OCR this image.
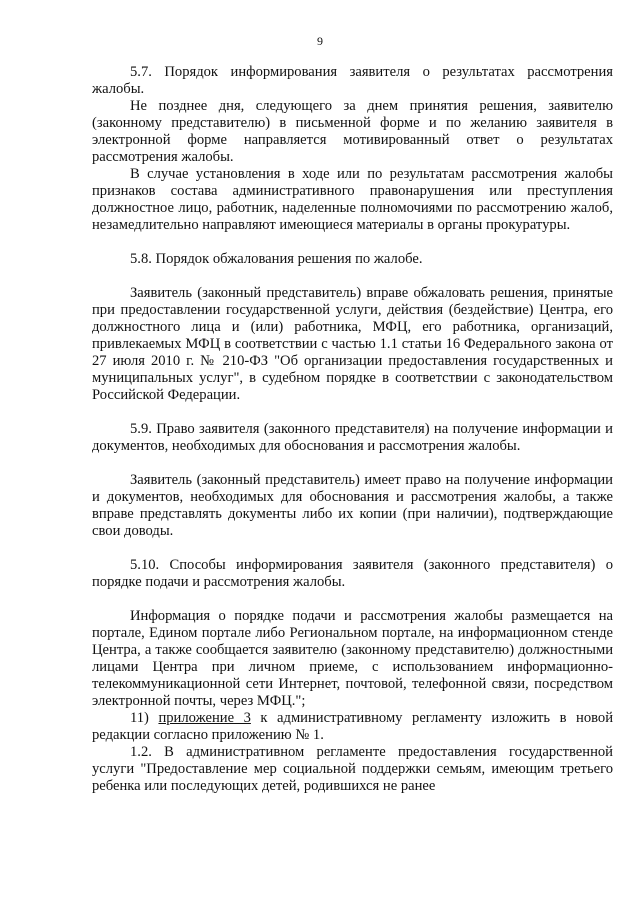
9

5.7. Порядок информирования заявителя о результатах рассмотрения жалобы.

Не позднее дня, следующего за днем принятия решения, заявителю (законному представителю) в письменной форме и по желанию заявителя в электронной форме направляется мотивированный ответ о результатах рассмотрения жалобы.

В случае установления в ходе или по результатам рассмотрения жалобы признаков состава административного правонарушения или преступления должностное лицо, работник, наделенные полномочиями по рассмотрению жалоб, незамедлительно направляют имеющиеся материалы в органы прокуратуры.

5.8. Порядок обжалования решения по жалобе.

Заявитель (законный представитель) вправе обжаловать решения, принятые при предоставлении государственной услуги, действия (бездействие) Центра, его должностного лица и (или) работника, МФЦ, его работника, организаций, привлекаемых МФЦ в соответствии с частью 1.1 статьи 16 Федерального закона от 27 июля 2010 г. № 210-ФЗ "Об организации предоставления государственных и муниципальных услуг", в судебном порядке в соответствии с законодательством Российской Федерации.

5.9. Право заявителя (законного представителя) на получение информации и документов, необходимых для обоснования и рассмотрения жалобы.

Заявитель (законный представитель) имеет право на получение информации и документов, необходимых для обоснования и рассмотрения жалобы, а также вправе представлять документы либо их копии (при наличии), подтверждающие свои доводы.

5.10. Способы информирования заявителя (законного представителя) о порядке подачи и рассмотрения жалобы.

Информация о порядке подачи и рассмотрения жалобы размещается на портале, Едином портале либо Региональном портале, на информационном стенде Центра, а также сообщается заявителю (законному представителю) должностными лицами Центра при личном приеме, с использованием информационно-телекоммуникационной сети Интернет, почтовой, телефонной связи, посредством электронной почты, через МФЦ.";

11) приложение 3 к административному регламенту изложить в новой редакции согласно приложению № 1.

1.2. В административном регламенте предоставления государственной услуги "Предоставление мер социальной поддержки семьям, имеющим третьего ребенка или последующих детей, родившихся не ранее
